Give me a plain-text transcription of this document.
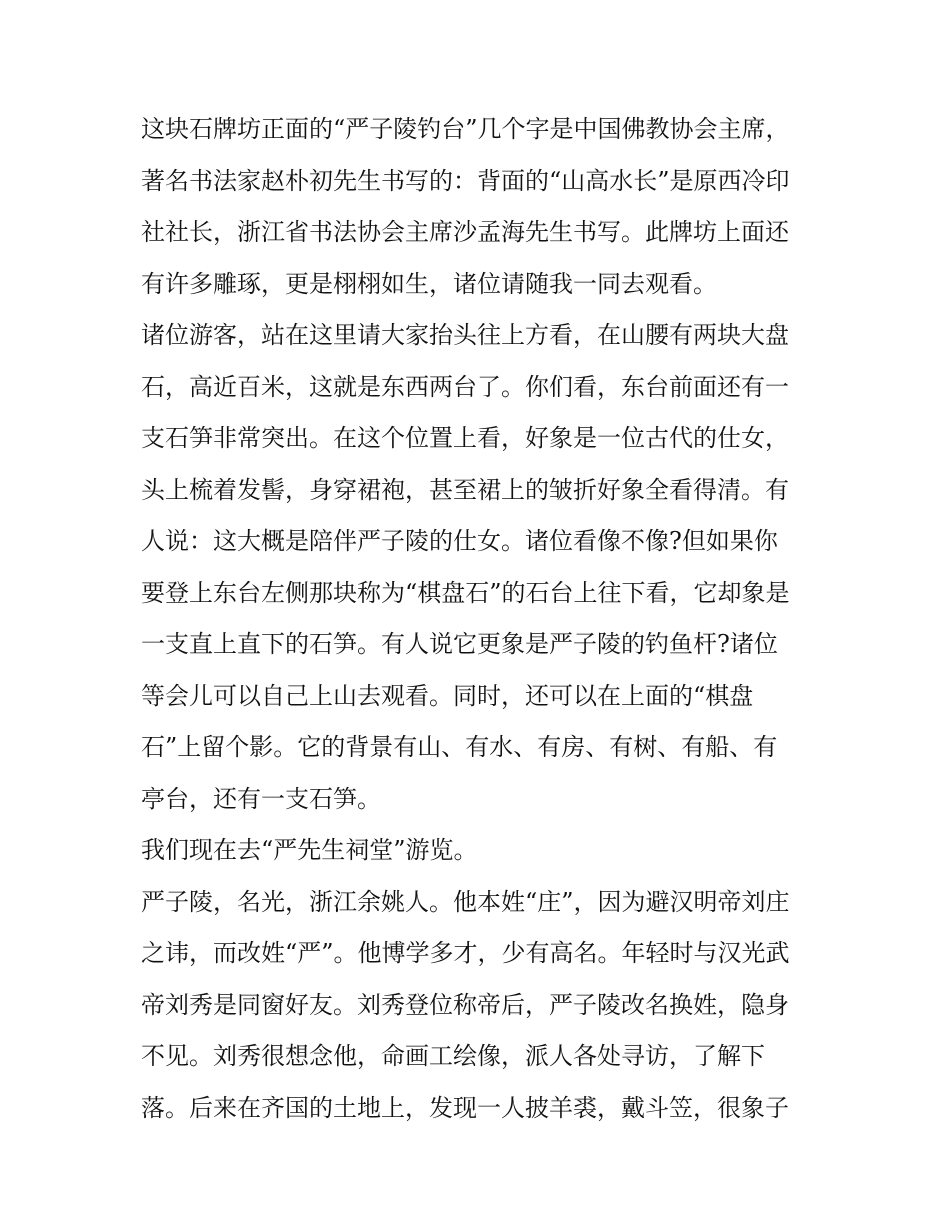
这块石牌坊正面的“严子陵钓台”几个字是中国佛教协会主席，
著名书法家赵朴初先生书写的：背面的“山高水长”是原西冷印
社社长，浙江省书法协会主席沙孟海先生书写。此牌坊上面还
有许多雕琢，更是栩栩如生，诸位请随我一同去观看。
诸位游客，站在这里请大家抬头往上方看，在山腰有两块大盘
石，高近百米，这就是东西两台了。你们看，东台前面还有一
支石笋非常突出。在这个位置上看，好象是一位古代的仕女，
头上梳着发髻，身穿裙袍，甚至裙上的皱折好象全看得清。有
人说：这大概是陪伴严子陵的仕女。诸位看像不像?但如果你
要登上东台左侧那块称为“棋盘石”的石台上往下看，它却象是
一支直上直下的石笋。有人说它更象是严子陵的钓鱼杆?诸位
等会儿可以自己上山去观看。同时，还可以在上面的“棋盘
石”上留个影。它的背景有山、有水、有房、有树、有船、有
亭台，还有一支石笋。
我们现在去“严先生祠堂”游览。
严子陵，名光，浙江余姚人。他本姓“庄”，因为避汉明帝刘庄
之讳，而改姓“严”。他博学多才，少有高名。年轻时与汉光武
帝刘秀是同窗好友。刘秀登位称帝后，严子陵改名换姓，隐身
不见。刘秀很想念他，命画工绘像，派人各处寻访，了解下
落。后来在齐国的土地上，发现一人披羊裘，戴斗笠，很象子
